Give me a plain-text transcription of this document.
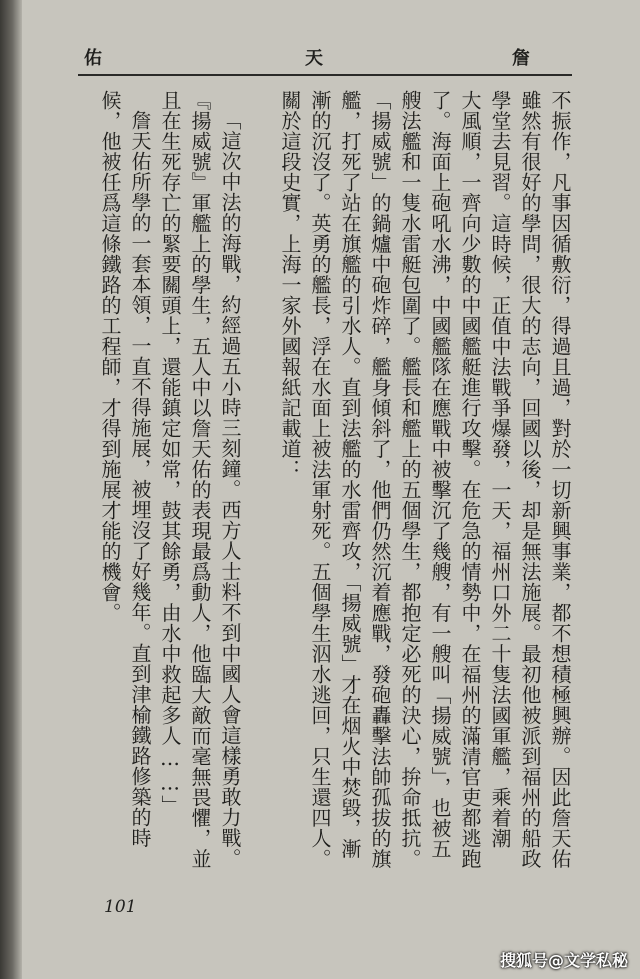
佑	天	詹
不振作，凡事因循敷衍，得過且過，對於一切新興事業，都不想積極興辦。因此詹天佑
雖然有很好的學問，很大的志向，回國以後，却是無法施展。最初他被派到福州的船政
學堂去見習。這時候，正值中法戰爭爆發，一天，福州口外二十隻法國軍艦，乘着潮
大風順，一齊向少數的中國艦艇進行攻擊。在危急的情勢中，在福州的滿清官吏都逃跑
了。海面上砲吼水沸，中國艦隊在應戰中被擊沉了幾艘，有一艘叫「揚威號」，也被五
艘法艦和一隻水雷艇包圍了。艦長和艦上的五個學生，都抱定必死的決心，拚命抵抗。
「揚威號」的鍋爐中砲炸碎，艦身傾斜了，他們仍然沉着應戰，發砲轟擊法帥孤拔的旗
艦，打死了站在旗艦的引水人。直到法艦的水雷齊攻，「揚威號」才在烟火中焚毀，漸
漸的沉沒了。英勇的艦長，浮在水面上被法軍射死。五個學生泅水逃回，只生還四人。
關於這段史實，上海一家外國報紙記載道：
「這次中法的海戰，約經過五小時三刻鐘。西方人士料不到中國人會這樣勇敢力戰。
『揚威號』軍艦上的學生，五人中以詹天佑的表現最爲動人，他臨大敵而毫無畏懼，並
且在生死存亡的緊要關頭上，還能鎮定如常，鼓其餘勇，由水中救起多人……」
詹天佑所學的一套本領，一直不得施展，被埋沒了好幾年。直到津榆鐵路修築的時
候，他被任爲這條鐵路的工程師，才得到施展才能的機會。
101
搜狐号@文学私秘
